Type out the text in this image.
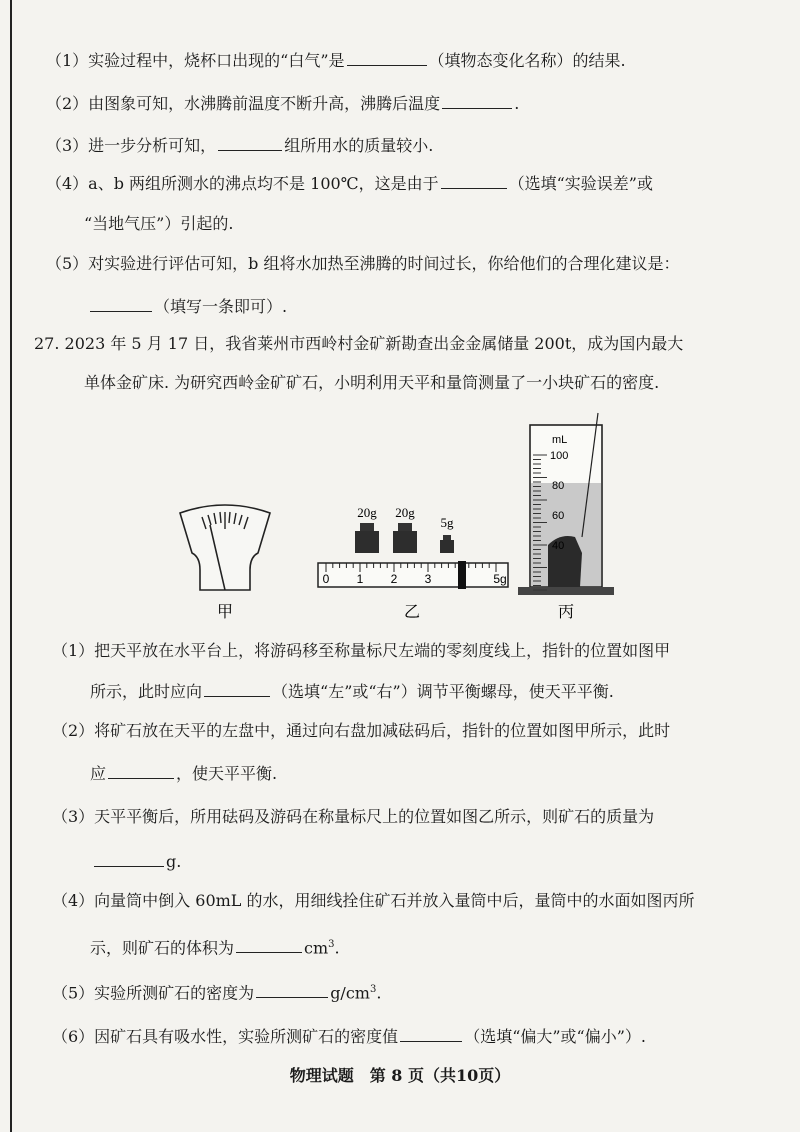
（1）实验过程中，烧杯口出现的“白气”是	（填物态变化名称）的结果.
（2）由图象可知，水沸腾前温度不断升高，沸腾后温度	.
（3）进一步分析可知，	组所用水的质量较小.
（4）a、b 两组所测水的沸点均不是 100℃，这是由于	（选填“实验误差”或
“当地气压”）引起的.
（5）对实验进行评估可知，b 组将水加热至沸腾的时间过长，你给他们的合理化建议是：
（填写一条即可）.
27. 2023 年 5 月 17 日，我省莱州市西岭村金矿新勘查出金金属储量 200t，成为国内最大
单体金矿床. 为研究西岭金矿矿石，小明利用天平和量筒测量了一小块矿石的密度.
甲
20g 20g
5g
0 1 2 3	5g
乙
mL
100
80
60
40
丙
（1）把天平放在水平台上，将游码移至称量标尺左端的零刻度线上，指针的位置如图甲
所示，此时应向	（选填“左”或“右”）调节平衡螺母，使天平平衡.
（2）将矿石放在天平的左盘中，通过向右盘加减砝码后，指针的位置如图甲所示，此时
应	，使天平平衡.
（3）天平平衡后，所用砝码及游码在称量标尺上的位置如图乙所示，则矿石的质量为
g.
（4）向量筒中倒入 60mL 的水，用细线拴住矿石并放入量筒中后，量筒中的水面如图丙所
示，则矿石的体积为	$cm^3$.
（5）实验所测矿石的密度为	$g/cm^3$.
（6）因矿石具有吸水性，实验所测矿石的密度值	（选填“偏大”或“偏小”）.
物理试题　第 8 页（共10页）
